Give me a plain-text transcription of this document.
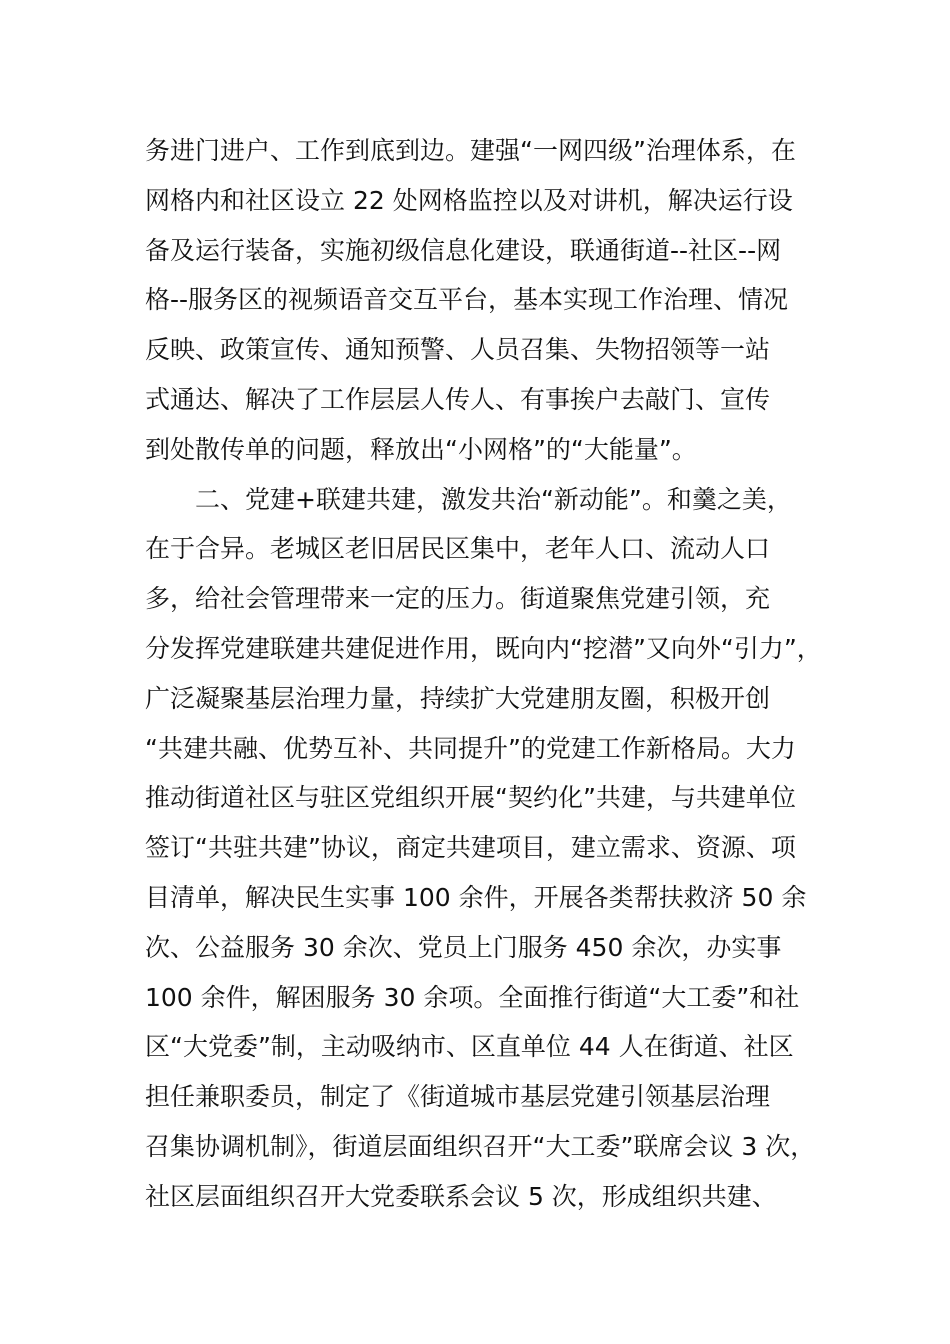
务进门进户、工作到底到边。建强“一网四级”治理体系，在
网格内和社区设立 22 处网格监控以及对讲机，解决运行设
备及运行装备，实施初级信息化建设，联通街道--社区--网
格--服务区的视频语音交互平台，基本实现工作治理、情况
反映、政策宣传、通知预警、人员召集、失物招领等一站
式通达、解决了工作层层人传人、有事挨户去敲门、宣传
到处散传单的问题，释放出“小网格”的“大能量”。
二、党建+联建共建，激发共治“新动能”。和羹之美，
在于合异。老城区老旧居民区集中，老年人口、流动人口
多，给社会管理带来一定的压力。街道聚焦党建引领，充
分发挥党建联建共建促进作用，既向内“挖潜”又向外“引力”，
广泛凝聚基层治理力量，持续扩大党建朋友圈，积极开创
“共建共融、优势互补、共同提升”的党建工作新格局。大力
推动街道社区与驻区党组织开展“契约化”共建，与共建单位
签订“共驻共建”协议，商定共建项目，建立需求、资源、项
目清单，解决民生实事 100 余件，开展各类帮扶救济 50 余
次、公益服务 30 余次、党员上门服务 450 余次，办实事
100 余件，解困服务 30 余项。全面推行街道“大工委”和社
区“大党委”制，主动吸纳市、区直单位 44 人在街道、社区
担任兼职委员，制定了《街道城市基层党建引领基层治理
召集协调机制》，街道层面组织召开“大工委”联席会议 3 次，
社区层面组织召开大党委联系会议 5 次，形成组织共建、
